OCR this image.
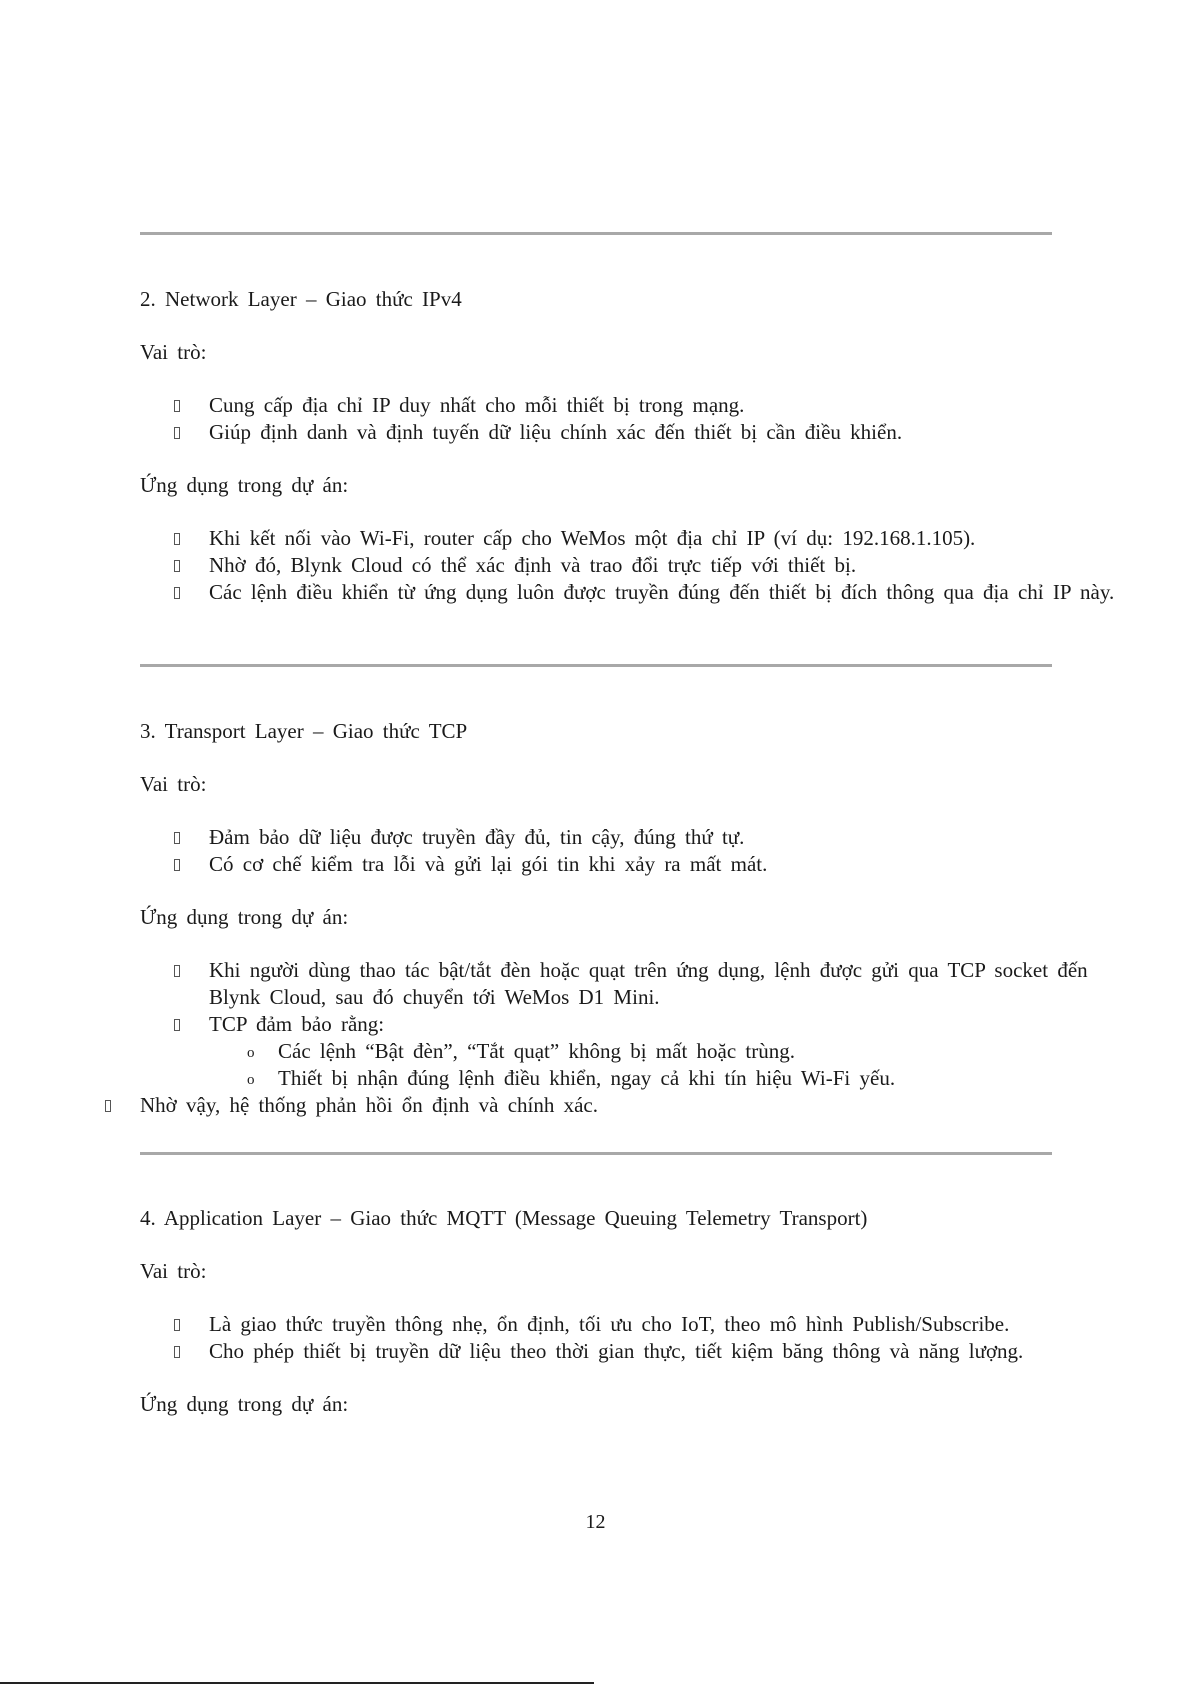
2. Network Layer – Giao thức IPv4

Vai trò:

Cung cấp địa chỉ IP duy nhất cho mỗi thiết bị trong mạng.
Giúp định danh và định tuyến dữ liệu chính xác đến thiết bị cần điều khiển.

Ứng dụng trong dự án:

Khi kết nối vào Wi-Fi, router cấp cho WeMos một địa chỉ IP (ví dụ: 192.168.1.105).
Nhờ đó, Blynk Cloud có thể xác định và trao đổi trực tiếp với thiết bị.
Các lệnh điều khiển từ ứng dụng luôn được truyền đúng đến thiết bị đích thông qua địa chỉ IP này.

3. Transport Layer – Giao thức TCP

Vai trò:

Đảm bảo dữ liệu được truyền đầy đủ, tin cậy, đúng thứ tự.
Có cơ chế kiểm tra lỗi và gửi lại gói tin khi xảy ra mất mát.

Ứng dụng trong dự án:

Khi người dùng thao tác bật/tắt đèn hoặc quạt trên ứng dụng, lệnh được gửi qua TCP socket đến Blynk Cloud, sau đó chuyển tới WeMos D1 Mini.
TCP đảm bảo rằng:
o Các lệnh “Bật đèn”, “Tắt quạt” không bị mất hoặc trùng.
o Thiết bị nhận đúng lệnh điều khiển, ngay cả khi tín hiệu Wi-Fi yếu.
Nhờ vậy, hệ thống phản hồi ổn định và chính xác.

4. Application Layer – Giao thức MQTT (Message Queuing Telemetry Transport)

Vai trò:

Là giao thức truyền thông nhẹ, ổn định, tối ưu cho IoT, theo mô hình Publish/Subscribe.
Cho phép thiết bị truyền dữ liệu theo thời gian thực, tiết kiệm băng thông và năng lượng.

Ứng dụng trong dự án:

12
